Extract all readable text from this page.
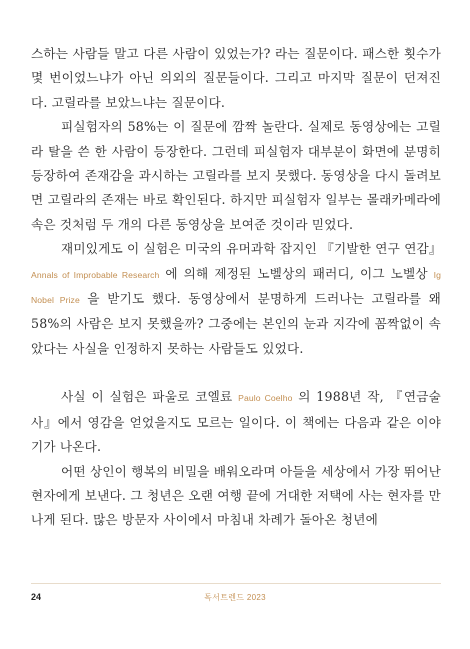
스하는 사람들 말고 다른 사람이 있었는가? 라는 질문이다. 패스한 횟수가 몇 번이었느냐가 아닌 의외의 질문들이다. 그리고 마지막 질문이 던져진다. 고릴라를 보았느냐는 질문이다.

피실험자의 58%는 이 질문에 깜짝 놀란다. 실제로 동영상에는 고릴라 탈을 쓴 한 사람이 등장한다. 그런데 피실험자 대부분이 화면에 분명히 등장하여 존재감을 과시하는 고릴라를 보지 못했다. 동영상을 다시 돌려보면 고릴라의 존재는 바로 확인된다. 하지만 피실험자 일부는 몰래카메라에 속은 것처럼 두 개의 다른 동영상을 보여준 것이라 믿었다.

재미있게도 이 실험은 미국의 유머과학 잡지인 『기발한 연구 연감』Annals of Improbable Research 에 의해 제정된 노벨상의 패러디, 이그 노벨상 Ig Nobel Prize 을 받기도 했다. 동영상에서 분명하게 드러나는 고릴라를 왜 58%의 사람은 보지 못했을까? 그중에는 본인의 눈과 지각에 꼼짝없이 속았다는 사실을 인정하지 못하는 사람들도 있었다.

사실 이 실험은 파울로 코엘료 Paulo Coelho 의 1988년 작, 『연금술사』에서 영감을 얻었을지도 모르는 일이다. 이 책에는 다음과 같은 이야기가 나온다.

어떤 상인이 행복의 비밀을 배워오라며 아들을 세상에서 가장 뛰어난 현자에게 보낸다. 그 청년은 오랜 여행 끝에 거대한 저택에 사는 현자를 만나게 된다. 많은 방문자 사이에서 마침내 차례가 돌아온 청년에

24	독서트렌드 2023
